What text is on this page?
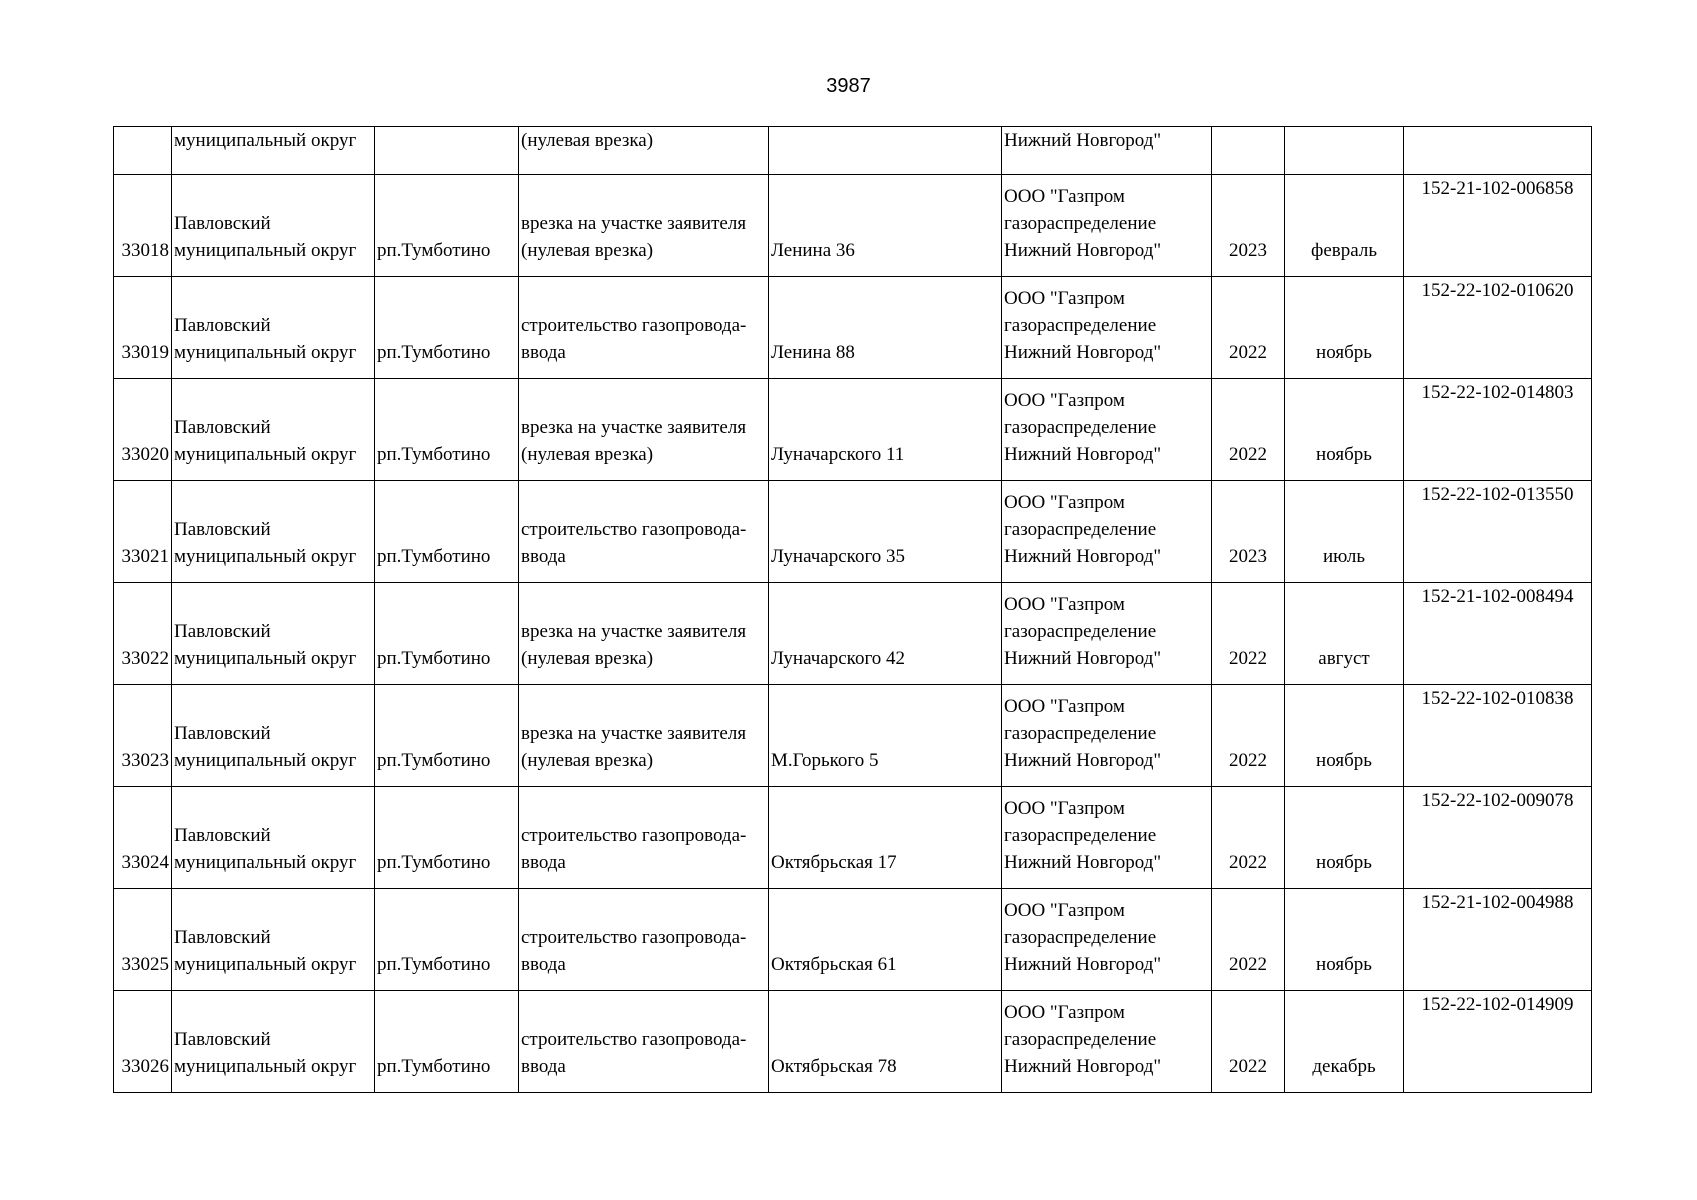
3987

	муниципальный округ		(нулевая врезка)		Нижний Новгород"			

33018	Павловский
муниципальный округ	рп.Тумботино	врезка на участке заявителя
(нулевая врезка)	Ленина 36	ООО "Газпром
газораспределение
Нижний Новгород"	2023	февраль	152-21-102-006858
33019	Павловский
муниципальный округ	рп.Тумботино	строительство газопровода-
ввода	Ленина 88	ООО "Газпром
газораспределение
Нижний Новгород"	2022	ноябрь	152-22-102-010620
33020	Павловский
муниципальный округ	рп.Тумботино	врезка на участке заявителя
(нулевая врезка)	Луначарского 11	ООО "Газпром
газораспределение
Нижний Новгород"	2022	ноябрь	152-22-102-014803
33021	Павловский
муниципальный округ	рп.Тумботино	строительство газопровода-
ввода	Луначарского 35	ООО "Газпром
газораспределение
Нижний Новгород"	2023	июль	152-22-102-013550
33022	Павловский
муниципальный округ	рп.Тумботино	врезка на участке заявителя
(нулевая врезка)	Луначарского 42	ООО "Газпром
газораспределение
Нижний Новгород"	2022	август	152-21-102-008494
33023	Павловский
муниципальный округ	рп.Тумботино	врезка на участке заявителя
(нулевая врезка)	М.Горького 5	ООО "Газпром
газораспределение
Нижний Новгород"	2022	ноябрь	152-22-102-010838
33024	Павловский
муниципальный округ	рп.Тумботино	строительство газопровода-
ввода	Октябрьская 17	ООО "Газпром
газораспределение
Нижний Новгород"	2022	ноябрь	152-22-102-009078
33025	Павловский
муниципальный округ	рп.Тумботино	строительство газопровода-
ввода	Октябрьская 61	ООО "Газпром
газораспределение
Нижний Новгород"	2022	ноябрь	152-21-102-004988
33026	Павловский
муниципальный округ	рп.Тумботино	строительство газопровода-
ввода	Октябрьская 78	ООО "Газпром
газораспределение
Нижний Новгород"	2022	декабрь	152-22-102-014909
